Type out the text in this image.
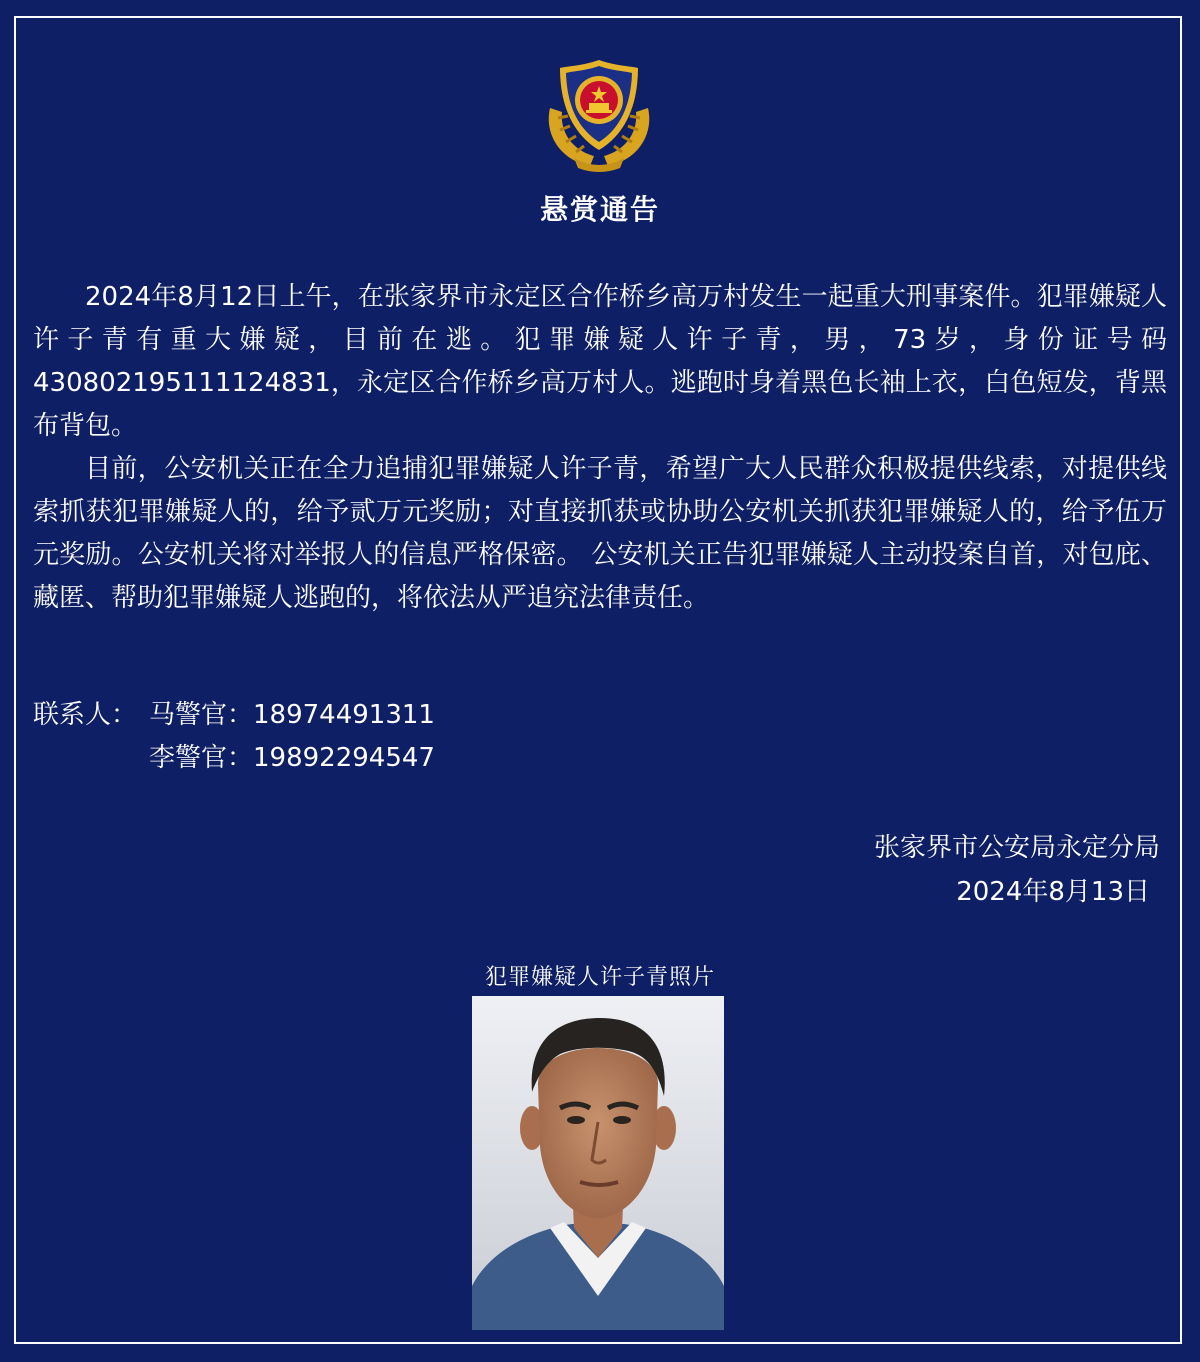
悬赏通告

2024年8月12日上午，在张家界市永定区合作桥乡高万村发生一起重大刑事案件。犯罪嫌疑人许子青有重大嫌疑，目前在逃。犯罪嫌疑人许子青，男，73岁，身份证号码430802195111124831，永定区合作桥乡高万村人。逃跑时身着黑色长袖上衣，白色短发，背黑布背包。

目前，公安机关正在全力追捕犯罪嫌疑人许子青，希望广大人民群众积极提供线索，对提供线索抓获犯罪嫌疑人的，给予贰万元奖励；对直接抓获或协助公安机关抓获犯罪嫌疑人的，给予伍万元奖励。公安机关将对举报人的信息严格保密。 公安机关正告犯罪嫌疑人主动投案自首，对包庇、藏匿、帮助犯罪嫌疑人逃跑的，将依法从严追究法律责任。

联系人： 马警官：18974491311
李警官：19892294547
张家界市公安局永定分局
2024年8月13日
犯罪嫌疑人许子青照片
